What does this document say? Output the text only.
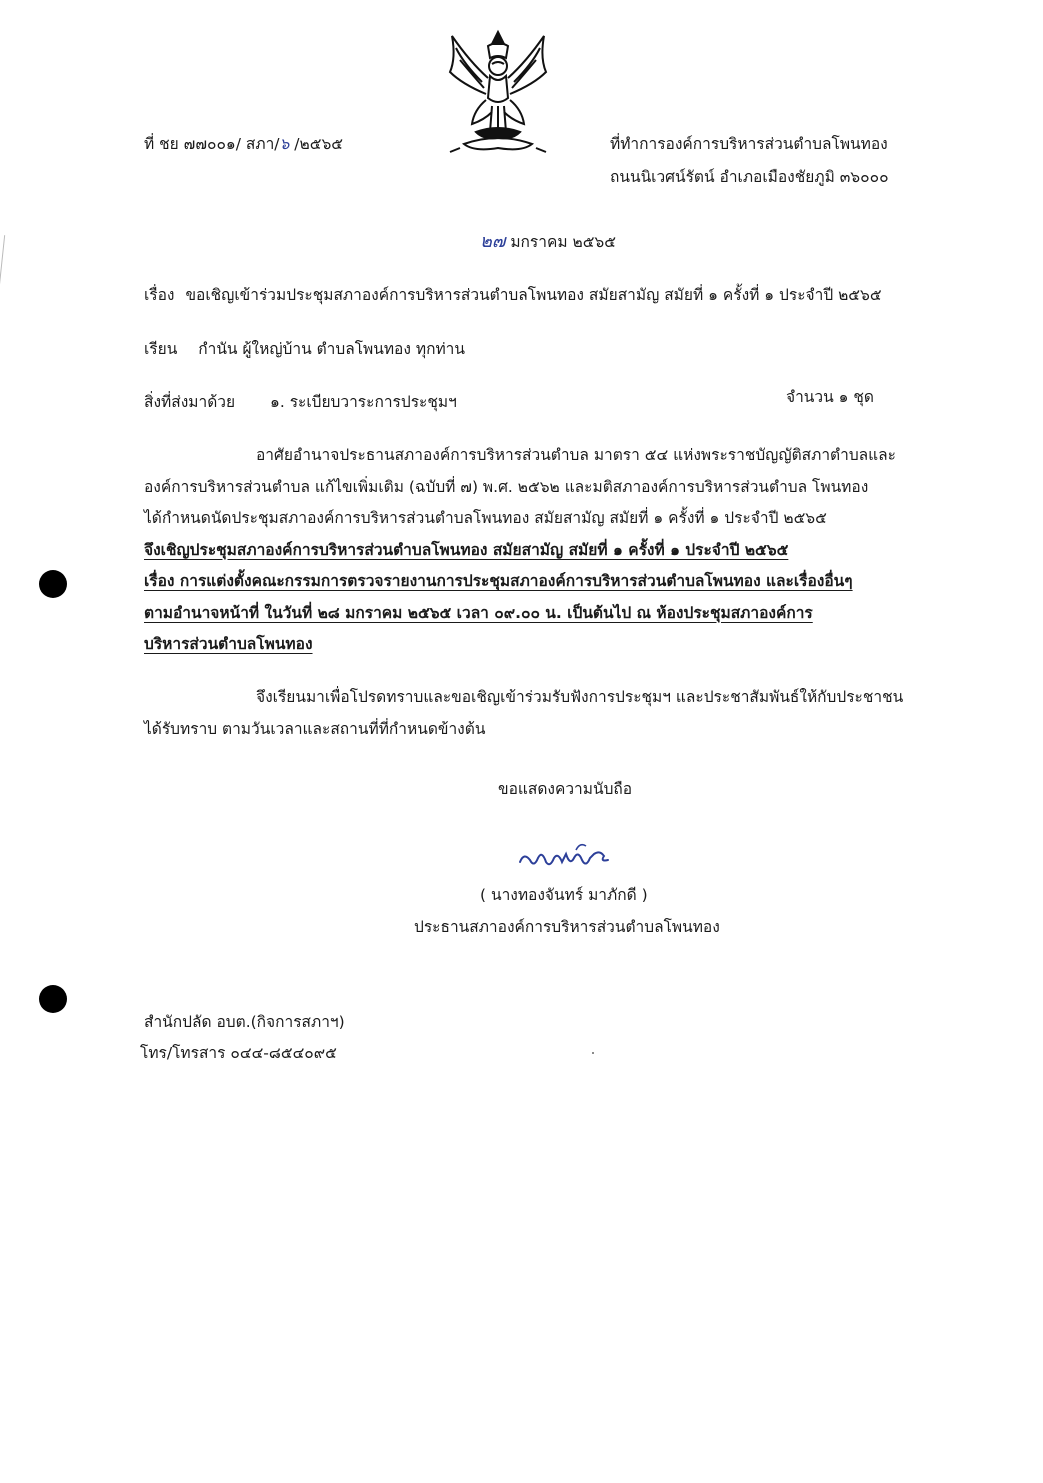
ที่ ชย ๗๗๐๐๑/ สภา/๖ /๒๕๖๕	ที่ทำการองค์การบริหารส่วนตำบลโพนทอง
ถนนนิเวศน์รัตน์ อำเภอเมืองชัยภูมิ ๓๖๐๐๐
๒๗ มกราคม ๒๕๖๕
เรื่อง ขอเชิญเข้าร่วมประชุมสภาองค์การบริหารส่วนตำบลโพนทอง สมัยสามัญ สมัยที่ ๑ ครั้งที่ ๑ ประจำปี ๒๕๖๕
เรียน กำนัน ผู้ใหญ่บ้าน ตำบลโพนทอง ทุกท่าน
สิ่งที่ส่งมาด้วย ๑. ระเบียบวาระการประชุมฯ	จำนวน ๑ ชุด

อาศัยอำนาจประธานสภาองค์การบริหารส่วนตำบล มาตรา ๕๔ แห่งพระราชบัญญัติสภาตำบลและ

องค์การบริหารส่วนตำบล แก้ไขเพิ่มเติม (ฉบับที่ ๗) พ.ศ. ๒๕๖๒ และมติสภาองค์การบริหารส่วนตำบล โพนทอง

ได้กำหนดนัดประชุมสภาองค์การบริหารส่วนตำบลโพนทอง สมัยสามัญ สมัยที่ ๑ ครั้งที่ ๑ ประจำปี ๒๕๖๕

จึงเชิญประชุมสภาองค์การบริหารส่วนตำบลโพนทอง สมัยสามัญ สมัยที่ ๑ ครั้งที่ ๑ ประจำปี ๒๕๖๕

เรื่อง การแต่งตั้งคณะกรรมการตรวจรายงานการประชุมสภาองค์การบริหารส่วนตำบลโพนทอง และเรื่องอื่นๆ

ตามอำนาจหน้าที่ ในวันที่ ๒๘ มกราคม ๒๕๖๕ เวลา ๐๙.๐๐ น. เป็นต้นไป ณ ห้องประชุมสภาองค์การ

บริหารส่วนตำบลโพนทอง

จึงเรียนมาเพื่อโปรดทราบและขอเชิญเข้าร่วมรับฟังการประชุมฯ และประชาสัมพันธ์ให้กับประชาชน

ได้รับทราบ ตามวันเวลาและสถานที่ที่กำหนดข้างต้น

ขอแสดงความนับถือ
( นางทองจันทร์ มาภักดี )
ประธานสภาองค์การบริหารส่วนตำบลโพนทอง
สำนักปลัด อบต.(กิจการสภาฯ)
โทร/โทรสาร ๐๔๔-๘๕๔๐๙๕
